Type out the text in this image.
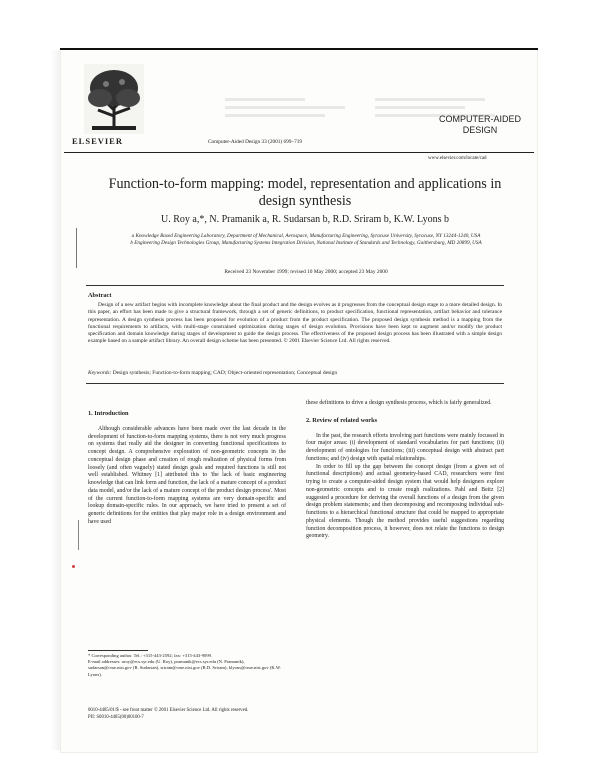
ELSEVIER	Computer-Aided Design 33 (2001) 699–719
COMPUTER-AIDED
DESIGN
www.elsevier.com/locate/cad
Function-to-form mapping: model, representation and applications in
design synthesis
U. Roy a,*, N. Pramanik a, R. Sudarsan b, R.D. Sriram b, K.W. Lyons b
a Knowledge Based Engineering Laboratory, Department of Mechanical, Aerospace, Manufacturing Engineering, Syracuse University, Syracuse, NY 13244-1240, USA
b Engineering Design Technologies Group, Manufacturing Systems Integration Division, National Institute of Standards and Technology, Gaithersburg, MD 20899, USA
Received 23 November 1999; revised 10 May 2000; accepted 23 May 2000
Abstract
Design of a new artifact begins with incomplete knowledge about the final product and the design evolves as it progresses from the conceptual design stage to a more detailed design. In this paper, an effort has been made to give a structural framework, through a set of generic definitions, to product specification, functional representation, artifact behavior and tolerance representation. A design synthesis process has been proposed for evolution of a product from the product specification. The proposed design synthesis method is a mapping from the functional requirements to artifacts, with multi-stage constrained optimization during stages of design evolution. Provisions have been kept to augment and/or modify the product specification and domain knowledge during stages of development to guide the design process. The effectiveness of the proposed design process has been illustrated with a simple design example based on a sample artifact library. An overall design scheme has been presented. © 2001 Elsevier Science Ltd. All rights reserved.
Keywords: Design synthesis; Function-to-form mapping; CAD; Object-oriented representation; Conceptual design
1. Introduction

Although considerable advances have been made over the last decade in the development of function-to-form mapping systems, there is not very much progress on systems that really aid the designer in converting functional specifications to concept design. A comprehensive exploration of non-geometric concepts in the conceptual design phase and creation of rough realization of physical forms from loosely (and often vaguely) stated design goals and required functions is still not well established. Whitney [1] attributed this to 'the lack of basic engineering knowledge that can link form and function, the lack of a mature concept of a product data model, and/or the lack of a mature concept of the product design process'. Most of the current function-to-form mapping systems are very domain-specific and lookup domain-specific rules. In our approach, we have tried to present a set of generic definitions for the entities that play major role in a design environment and have used

these definitions to drive a design synthesis process, which is fairly generalized.

2. Review of related works

In the past, the research efforts involving part functions were mainly focussed in four major areas: (i) development of standard vocabularies for part functions; (ii) development of ontologies for functions; (iii) conceptual design with abstract part functions; and (iv) design with spatial relationships.

In order to fill up the gap between the concept design (from a given set of functional descriptions) and actual geometry-based CAD, researchers were first trying to create a computer-aided design system that would help designers explore non-geometric concepts and to create rough realizations. Pahl and Beitz [2] suggested a procedure for deriving the overall functions of a design from the given design problem statements; and then decomposing and recomposing individual sub-functions to a hierarchical functional structure that could be mapped to appropriate physical elements. Though the method provides useful suggestions regarding function decomposition process, it however, does not relate the functions to design geometry.

* Corresponding author. Tel.: +315-443-2592; fax: +315-443-9099.
E-mail addresses: uroy@ecs.syr.edu (U. Roy), pramanik@ecs.syr.edu (N. Pramanik), sudarsan@cme.nist.gov (R. Sudarsan), sriram@cme.nist.gov (R.D. Sriram), klyons@cme.nist.gov (K.W. Lyons).
0010-4485/01/$ - see front matter © 2001 Elsevier Science Ltd. All rights reserved.
PII: S0010-4485(00)00100-7
